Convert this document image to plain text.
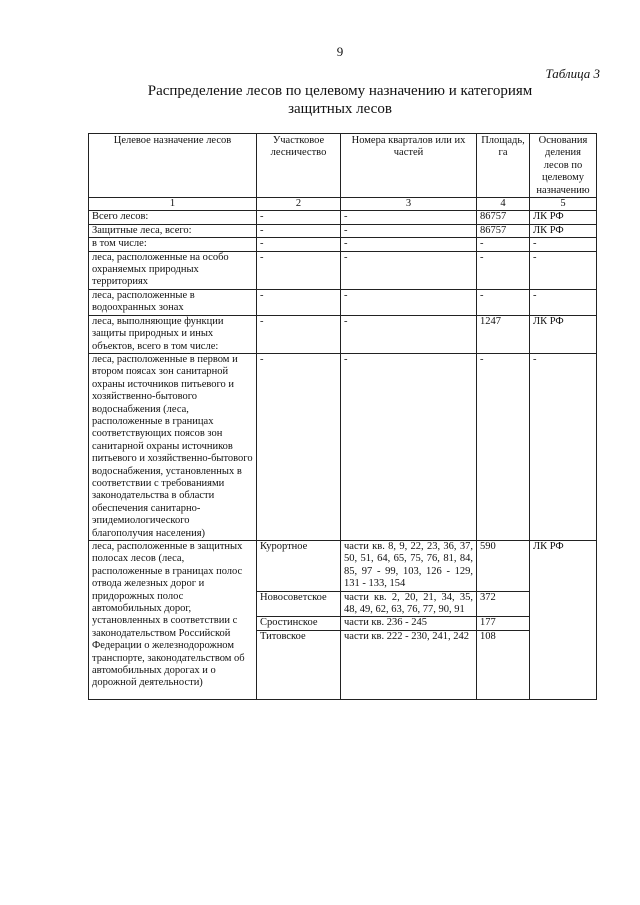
9
Таблица 3
Распределение лесов по целевому назначению и категориям защитных лесов
Целевое назначение лесов	Участковое лесничество	Номера кварталов или их частей	Площадь, га	Основания деления лесов по целевому назначению
1	2	3	4	5
Всего лесов:	-	-	86757	ЛК РФ
Защитные леса, всего:	-	-	86757	ЛК РФ
в том числе:	-	-	-	-
леса, расположенные на особо охраняемых природных территориях	-	-	-	-
леса, расположенные в водоохранных зонах	-	-	-	-
леса, выполняющие функции защиты природных и иных объектов, всего в том числе:	-	-	1247	ЛК РФ
леса, расположенные в первом и втором поясах зон санитарной охраны источников питьевого и хозяйственно-бытового водоснабжения (леса, расположенные в границах соответствующих поясов зон санитарной охраны источников питьевого и хозяйственно-бытового водоснабжения, установленных в соответствии с требованиями законодательства в области обеспечения санитарно-эпидемиологического благополучия населения)	-	-	-	-
леса, расположенные в защитных полосах лесов (леса, расположенные в границах полос отвода железных дорог и придорожных полос автомобильных дорог, установленных в соответствии с законодательством Российской Федерации о железнодорожном транспорте, законодательством об автомобильных дорогах и о дорожной деятельности)	Курортное	части кв. 8, 9, 22, 23, 36, 37, 50, 51, 64, 65, 75, 76, 81, 84, 85, 97 - 99, 103, 126 - 129, 131 - 133, 154	590	ЛК РФ
	Новосоветское	части кв. 2, 20, 21, 34, 35, 48, 49, 62, 63, 76, 77, 90, 91	372	
	Сростинское	части кв. 236 - 245	177	
	Титовское	части кв. 222 - 230, 241, 242	108	
